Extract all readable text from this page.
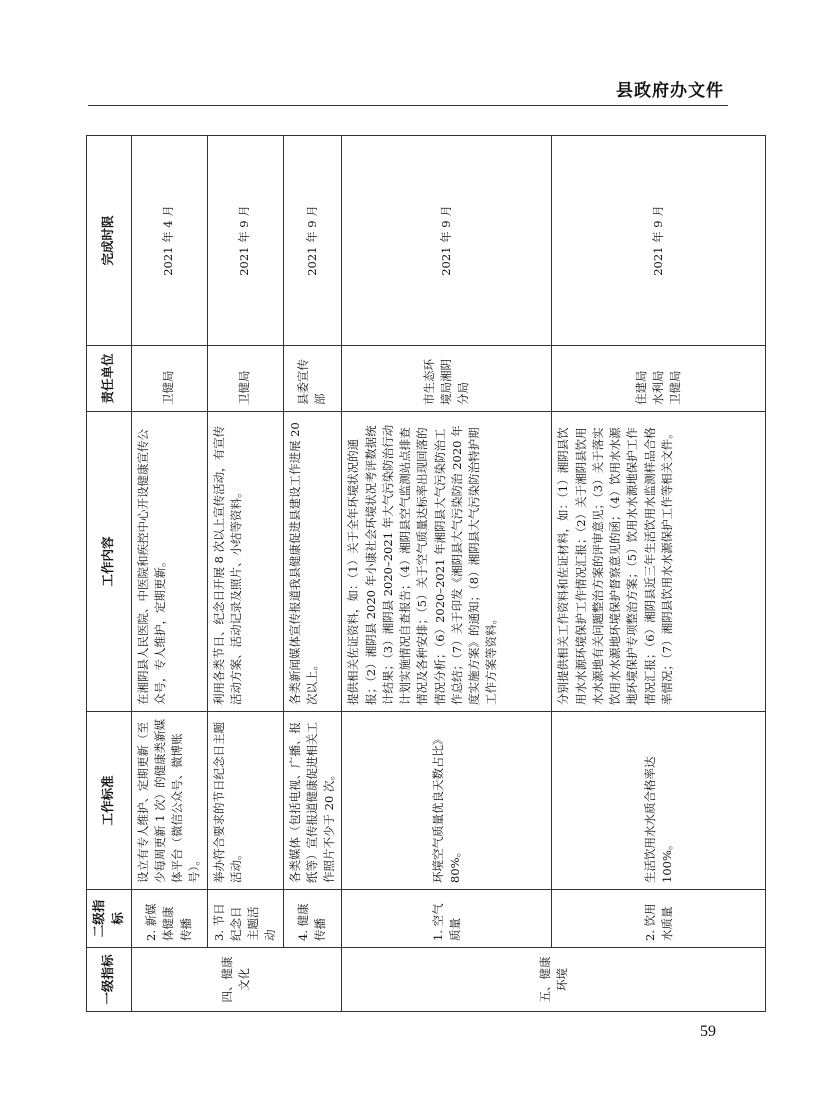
县政府办文件
一级指标	二级指标	工作标准	工作内容	责任单位	完成时限
四、健康文化	2. 新媒体健康传播	设立有专人维护、定期更新（至少每周更新 1 次）的健康类新媒体平台（微信公众号、微博账号）。	在湘阴县人民医院、中医院和疾控中心开设健康宣传公众号，专人维护，定期更新。	卫健局	2021 年 4 月
	3. 节日纪念日主题活动	举办符合要求的节日纪念日主题活动。	利用各类节日、纪念日开展 8 次以上宣传活动，有宣传活动方案、活动记录及照片、小结等资料。	卫健局	2021 年 9 月
	4. 健康传播	各类媒体（包括电视、广播、报纸等）宣传报道健康促进相关工作照片不少于 20 次。	各类新闻媒体宣传报道我县健康促进县建设工作进展 20 次以上。	县委宣传部	2021 年 9 月
五、健康环境	1. 空气质量	环境空气质量优良天数占比》80%。	提供相关佐证资料，如：（1）关于全年环境状况的通报；（2）湘阴县 2020 年小康社会环境状况考评数据统计结果；（3）湘阴县 2020–2021 年大气污染防治行动计划实施情况自查报告；（4）湘阴县空气监测站点排查情况及各种安排；（5）关于空气质量达标率出现回落的情况分析；（6）2020–2021 年湘阴县大气污染防治工作总结；（7）关于印发《湘阴县大气污染防治 2020 年度实施方案》的通知；（8）湘阴县大气污染防治特护期工作方案等资料。	市生态环境局湘阴分局	2021 年 9 月
	2. 饮用水质量	生活饮用水水质合格率达 100%。	分别提供相关工作资料和佐证材料，如：（1）湘阴县饮用水水源环境保护工作情况汇报；（2）关于湘阴县饮用水水源地有关问题整治方案的评审意见；（3）关于落实饮用水水源地环境保护督察意见的函；（4）饮用水水源地环境保护专项整治方案；（5）饮用水水源地保护工作情况汇报；（6）湘阴县近三年生活饮用水监测样品合格率情况；（7）湘阴县饮用水水源保护工作等相关文件。	住建局 水利局 卫健局	2021 年 9 月
59
